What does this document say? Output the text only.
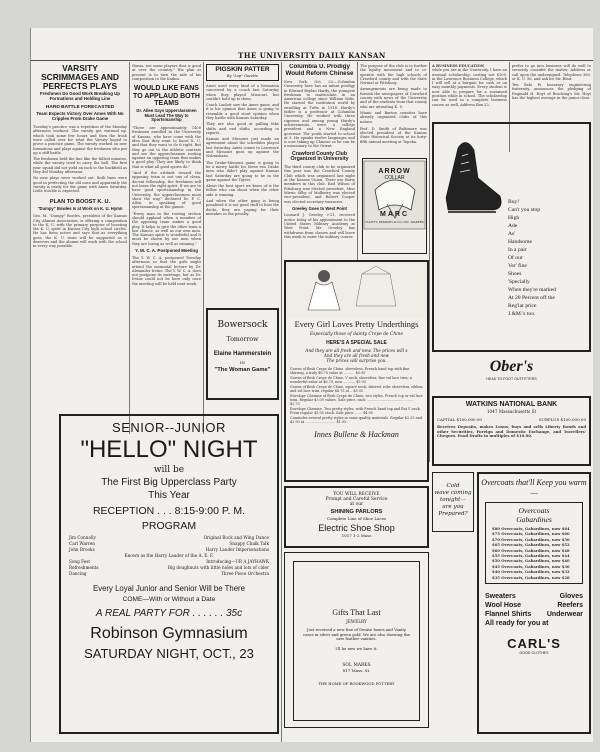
THE UNIVERSITY DAILY KANSAN
VARSITY SCRIMMAGES AND PERFECTS PLAYS
Freshmen Do Good Work Breaking Up Formations and Holding Line
HARD BATTLE FORECASTED
Team Expects Victory Over Ames With No Cripples From Drake Game
Tuesday's practice was a repetition of the Monday afternoon workout. The varsity got warmed up, which took some few hours and then the frosh were called over for what the Varsity hoped to prove a practice game. The varsity worked on new formations and plays against the freshmen who put up a stiff battle.
The freshmen held the line like the fullest minutes, while the varsity tried to carry the ball. The first year squad did not yield an inch to the backfield as they did Monday afternoon.
No new plays were worked out. Both lines were good in perfecting the old ones and apparently the varsity is ready for the game with Ames Saturday. Little trouble is expected.
PLAN TO BOOST K. U.
"Dumpy" Bowles Is at Work on K. U. Hymn
Geo. M. "Dumpy" Bowles, president of the Kansas City Alumni Association, is offering a composition to the K. U. with the primary purpose of boosting the K. U. spirit in Kansas City high school circles. He has been active and says that as everything goes, the K. U. team will be supported as it deserves and the alumni will work with the school in every way possible.
thusia, not some players that is good at over the country." His plan at present is to turn the sale of his composition to the Kaikos.
WOULD LIKE FANS TO APPLAUD BOTH TEAMS
Dr. Allen Says Upperclassmen Must Lead The Way to Sportsmanship
"There are approximately 1400 freshmen enrolled in the University of Kansas, who have come with the idea that they want to boost K. U. and that they want to do it right. But they go out to the athletic contests and see the upperclassmen rooting against an opposing team that makes a good play. They are likely to think that is what all good sports do."
"And if the attitude toward the opposing team is not one of clean, decent fellowship, the freshmen will not learn the right spirit. If we are to have good sportsmanship in the University, the upperclassmen must show the way," declared Dr. F. C. Allen, in speaking of good sportsmanship at the games.
"Every man in the rooting section should applaud when a member of the opposing team makes a good play. It helps to give the other team a fair chance, as well as our own men. The Kansan spirit is wonderful and it must be shown by our men when they are losing as well as winning."
Y. W. C. A. Postponed Meeting
The Y. W. C. A. postponed Tuesday afternoon so that the girls might attend the memorial lecture by Dr. Alexander Irvine. The Y. W. C. A. does not postpone its meetings, but as Dr. Irvine could not be here only once the meeting will be held next week.
PIGSKIN PATTER
By "Lop" Gazette
Ames used every kind of a formation conceived by a coach last Saturday when they played Missouri, but couldn't hold up to them.
Coach Lanlott saw the Ames game, and it is his opinion that Ames is going to resemble a good stout opinion when they battle with Kansas Saturday.
They are also good at pulling fake shifts and end shifts, according to reports.
Kansas and Missouri just made an agreement about the schedules played last Saturday. Ames comes to Lawrence and Missouri goes up against the Nebraskans.
The Drake-Missouri game is going to be a merry battle for these two Drake men who didn't play against Kansas last Saturday are going to be in the game against the Tigers.
About the best sport we know of is the fellow who can shout when the other side is winning.
And when the other gang is being penalized it is not good stuff to bust the decks, they are paying for their mistakes in the penalty.
Bowersock
Tomorrow
Elaine Hammerstein
IN
"The Woman Game"
Columbia U. Prodigy Would Reform Chinese
New York, Oct. 20.—Columbia University here has an infant prodigy in Edward Boylan Hardy, the youngest freshman to matriculate in an American college since William Sidis. He started the institution world by enrolling at Tufts in 1918. Hardy's father is a professor at Columbia University. He worked with three rigorous and among young Hardy's achievements, were a college president and a New England governor. The youth started to school at 3. He speaks twelve languages and is now taking up Chinese so he can be a missionary to the Orient.
Crawford County Club Organized in University
The third county club to be organized this year was the Crawford County Club which was organized last night at the Kansas Union. There are thirty members in this club. Earl Wilson of Pittsburg was elected president. Miss Mirrio Silhy of Mulberry was elected vice-president, and Robert Cooper was elected secretary-treasurer.
Greeley Goes to West Point
Leonard J. Greeley, c'21, received notice today of his appointment to the United States Military Academy at West Point. Mr. Greeley has withdrawn from classes and will leave this week to enter the military course.
The purpose of the club is to further the loyalty movement and to co-operate with the high schools of Crawford county and with the State Normal at Pittsburg.
Arrangements are being made to furnish the newspapers of Crawford county with news of the University and of the students from that county who are attending K. U.
Miami and Barton counties have already organized clubs of this nature.
Prof. D. Smith of Baltimore was elected president of the Kansas State Historical Society at its forty-fifth annual meeting at Topeka.
ARROW
COLLAR
MARC
CLUETT, PEABODY & CO. INC. MAKERS
A BUSINESS EDUCATION
while you are in the University. I have an unusual scholarship, costing not $100, in the Lawrence Business College, which I will sell at a bargain for cash or on easy monthly payments. Every student is now able to prepare for a sustained position while in school. The scholarship can be used in a complete business course as well. Address Box 23.
prefer to go into business will do well to seriously consider the matter. Address or call upon the undersigned. Telephone 380, or K. U. 56, and ask for Mr. Blair.
Ten Bela Pi honorary engineering fraternity, announces the pledging of Reginald H. Hoyt of Brocking's Mr. Hoyt has the highest average in the junior class.
Buy!
Can't you stop
High
Ade
As'
Handsome
In a pair
Of our
Ver' fine
Shoes
'Specially
When they're marked
At 20 Percent off the
Reg'lar price
J.&M.'s too.
Ober's
HEAD TO FOOT OUTFITTERS
WATKINS NATIONAL BANK
1047 Massachusetts St
CAPITAL $100,000.00	SURPLUS $100,000.00
Receives Deposits, makes Loans, buys and sells Liberty Bonds and other Securities, Foreign and Domestic Exchange, and Travellers' Cheques. Food Drafts in multiples of $10.00.
Every Girl Loves Pretty Underthings
Especially those of dainty Crepe de Chine
HERE'S A SPECIAL SALE
And they are all fresh and new. The prices will s
And they are all fresh and new
The prices will surprise you.
Gowns of flesh Crepe de Chine, sleeveless, French hand top with fine shirring, a truly $6.75 value at .......... $5.95
Gowns of flesh Crepe de Chine, V neck, sleeveless, fine val lace trim, a wonderful value at $6.75, now ........... $5.95
Gowns of flesh Crepe de Chine, square neck, shirred, robe sleeveless, ribbon and val lace trim, regular $6.75 at .. $5.95
Envelope Chemise of flesh Crepe de Chine, two styles, French top or val lace trim. Regular $3.00 values. Sale price, each ........................................... $2.75
Envelope Chemise. Two pretty styles, with French hand top and flat V neck. From regular $5.95 stock. Sale price ....... $4.95
Camisoles several pretty styles in same quality materials. Regular $2.25 and $2.50 at ............................ $1.95
Innes Bullene & Hackman
SENIOR--JUNIOR
"HELLO" NIGHT
will be
The First Big Upperclass Party
This Year
RECEPTION . . . 8:15-9:00 P. M.
PROGRAM
Jim Connolly	Original Rock and Wing Dance
Carl Warren	Snappy Chalk Talk
John Brooks	Harry Lauder Impersonations
Known as the Harry Lauder of the A. E. F.
Song Fest	Introducing—UR A JAYHAWK
Refreshments	Big doughnuts with little holes and lots of cider
Dancing	Three Piece Orchestra
Every Loyal Junior and Senior Will be There
COME—With or Without a Date
A REAL PARTY FOR . . . . . . 35c
Robinson Gymnasium
SATURDAY NIGHT, OCT., 23
YOU WILL RECEIVE
Prompt and Careful Service
at our
SHINING PARLORS
Complete Line of Shoe Laces
Electric Shoe Shop
1017 1-2 Mass
Gifts That Last
JEWELRY
Just received a new line of Denise boxes and Vanity cases in silver and green gold. We are also showing the new leather vanities.
I'll be new we have it.
SOL MARKS
817 Mass. St.
THE HOME OF ROOKWOOD POTTERY
Cold
wave coming
tonight—
are you
Prepared?
Overcoats that'll Keep you warm—
Overcoats
Gabardines
$80 Overcoats, Gabardines, now $64
$75 Overcoats, Gabardines, now $60
$70 Overcoats, Gabardines, now $56
$65 Overcoats, Gabardines, now $52
$60 Overcoats, Gabardines, now $48
$55 Overcoats, Gabardines, now $44
$50 Overcoats, Gabardines, now $40
$45 Overcoats, Gabardines, now $36
$40 Overcoats, Gabardines, now $32
$35 Overcoats, Gabardines, now $28
Sweaters	Gloves
Wool Hose	Reefers
Flannel Shirts Underwear
All ready for you at
CARL'S
GOOD CLOTHES
